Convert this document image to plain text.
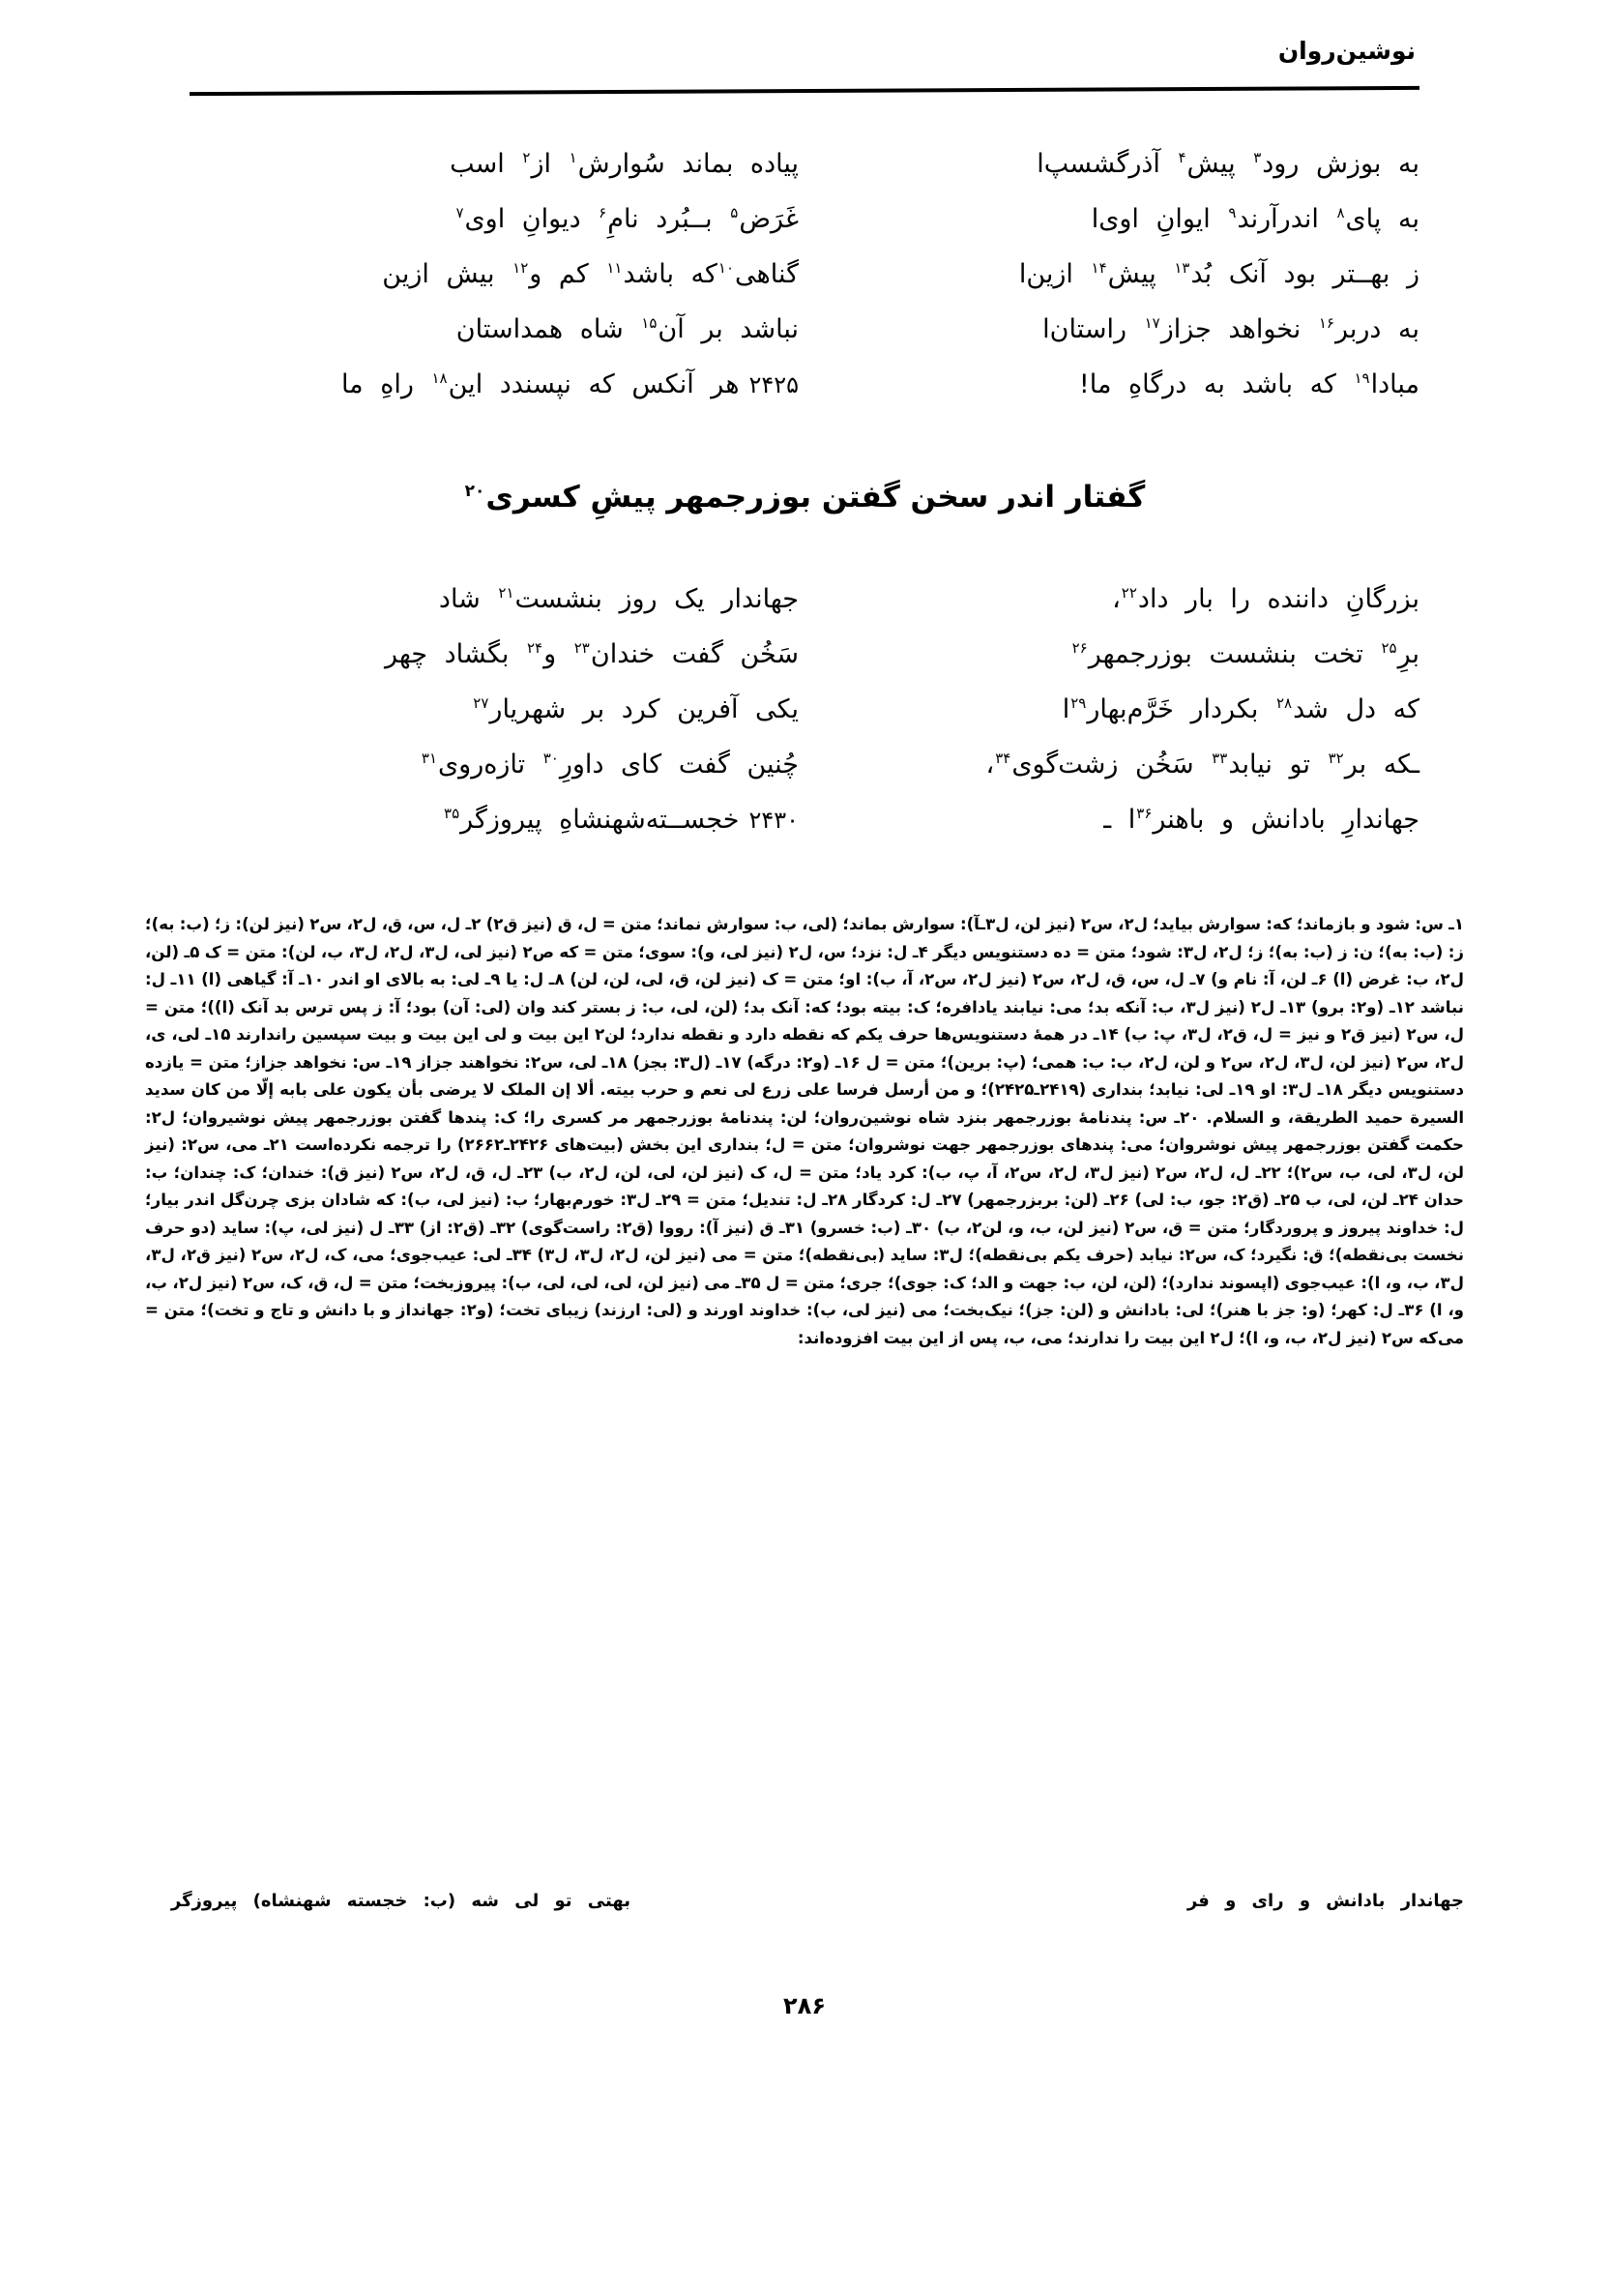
نوشین‌روان
به بوزش رود$^۳$ پیش$^۴$ آذرگشسپ‌ا
پیاده بماند سُوارش$^۱$ از$^۲$ اسب
به پای$^۸$ اندرآرند$^۹$ ایوانِ اوی‌ا
غَرَض$^۵$ بــبُرد نامِ$^۶$ دیوانِ اوی$^۷$
ز بهــتر بود آنک بُد$^{۱۳}$ پیش$^{۱۴}$ ازین‌ا
گناهی$^{۱۰}$که باشد$^{۱۱}$ کم و$^{۱۲}$ بیش ازین
به دربر$^{۱۶}$ نخواهد جزاز$^{۱۷}$ راستان‌ا
نباشد بر آن$^{۱۵}$ شاه همداستان
مبادا$^{۱۹}$ که باشد به درگاهِ ما!
۲۴۲۵هر آنکس که نپسندد این$^{۱۸}$ راهِ ما
گفتار اندر سخن گفتن بوزرجمهر پیشِ کسری$^{۲۰}$
بزرگانِ داننده را بار داد$^{۲۲}$،
جهاندار یک روز بنشست$^{۲۱}$ شاد
برِ$^{۲۵}$ تخت بنشست بوزرجمهر$^{۲۶}$
سَخُن گفت خندان$^{۲۳}$ و$^{۲۴}$ بگشاد چهر
که دل شد$^{۲۸}$ بکردار خَرَّم‌بهار$^{۲۹}$ا
یکی آفرین کرد بر شهریار$^{۲۷}$
ـکه بر$^{۳۲}$ تو نیابد$^{۳۳}$ سَخُن زشت‌گوی$^{۳۴}$،
چُنین گفت کای داورِ$^{۳۰}$ تازه‌روی$^{۳۱}$
جهاندارِ بادانش و باهنر$^{۳۶}$ا ـ
۲۴۳۰خجســته‌شهنشاهِ پیروزگر$^{۳۵}$

۱ـ س: شود و بازماند؛ که: سوارش بیاید؛ ل۲، س۲ (نیز لن، ل۳ـآ): سوارش بماند؛ (لی، ب: سوارش نماند؛ متن = ل، ق (نیز ق۲) ۲ـ ل، س، ق، ل۲، س۲ (نیز لن): ز؛ (ب: به)؛ ز: (ب: به)؛ ن: ز (ب: به)؛ ز؛ ل۲، ل۳: شود؛ متن = ده دستنویس دیگر ۴ـ ل: نزد؛ س، ل۲ (نیز لی، و): سوی؛ متن = که ص۲ (نیز لی، ل۳، ل۲، ل۳، ب، لن): متن = ک ۵ـ (لن، ل۲، ب: غرض (ا) ۶ـ لن، آ: نام و) ۷ـ ل، س، ق، ل۲، س۲ (نیز ل۲، س۲، آ، ب): او؛ متن = ک (نیز لن، ق، لی، لن، لن) ۸ـ ل: یا ۹ـ لی: به بالای او اندر ۱۰ـ آ: گیاهی (ا) ۱۱ـ ل: نباشد ۱۲ـ (و۲: برو) ۱۳ـ ل۲ (نیز ل۳، ب: آنکه بد؛ می: نیابند یادافره؛ ک: بیته بود؛ که: آنک بد؛ (لن، لی، ب: ز بستر کند وان (لی: آن) بود؛ آ: ز پس ترس بد آنک (ا))؛ متن = ل، س۲ (نیز ق۲ و نیز = ل، ق۲، ل۳، پ: ب) ۱۴ـ در همهٔ دستنویس‌ها حرف یکم که نقطه دارد و نقطه ندارد؛ لن۲ این بیت و لی این بیت و بیت سپسین راندارند ۱۵ـ لی، ی، ل۲، س۲ (نیز لن، ل۳، ل۲، س۲ و لن، ل۲، ب: ب: همی؛ (پ: برین)؛ متن = ل ۱۶ـ (و۲: درگه) ۱۷ـ (ل۳: بجز) ۱۸ـ لی، س۲: نخواهند جزاز ۱۹ـ س: نخواهد جزاز؛ متن = یازده دستنویس دیگر ۱۸ـ ل۳: او ۱۹ـ لی: نیابد؛ بنداری (۲۴۱۹ـ۲۴۲۵)؛ و من أرسل فرسا علی زرع لی نعم و حرب بیته. ألا إن الملک لا یرضی بأن یکون علی بابه إلّا من کان سدید السیرة حمید الطریقة، و السلام. ۲۰ـ س: پندنامهٔ بوزرجمهر بنزد شاه نوشین‌روان؛ لن: پندنامهٔ بوزرجمهر مر کسری را؛ ک: پندها گفتن بوزرجمهر پیش نوشیروان؛ ل۲: حکمت گفتن بوزرجمهر پیش نوشروان؛ می: پندهای بوزرجمهر جهت نوشروان؛ متن = ل؛ بنداری این بخش (بیت‌های ۲۴۲۶ـ۲۶۶۲) را ترجمه نکرده‌است ۲۱ـ می، س۲: (نیز لن، ل۳، لی، ب، س۲)؛ ۲۲ـ ل، ل۲، س۲ (نیز ل۳، ل۲، س۲، آ، پ، ب): کرد یاد؛ متن = ل، ک (نیز لن، لی، لن، ل۲، ب) ۲۳ـ ل، ق، ل۲، س۲ (نیز ق): خندان؛ ک: چندان؛ ب: حدان ۲۴ـ لن، لی، ب ۲۵ـ (ق۲: جو، ب: لی) ۲۶ـ (لن: بربزرجمهر) ۲۷ـ ل: کردگار ۲۸ـ ل: تندیل؛ متن = ۲۹ـ ل۳: خورم‌بهار؛ ب: (نیز لی، ب): که شادان بزی چرن‌گل اندر بیار؛ ل: خداوند پیروز و پروردگار؛ متن = ق، س۲ (نیز لن، ب، و، لن۲، ب) ۳۰ـ (ب: خسرو) ۳۱ـ ق (نیز آ): رووا (ق۲: راست‌گوی) ۳۲ـ (ق۲: از) ۳۳ـ ل (نیز لی، پ): ساید (دو حرف نخست بی‌نقطه)؛ ق: نگیرد؛ ک، س۲: نیابد (حرف یکم بی‌نقطه)؛ ل۳: ساید (بی‌نقطه)؛ متن = می (نیز لن، ل۲، ل۳، ل۳) ۳۴ـ لی: عیب‌جوی؛ می، ک، ل۲، س۲ (نیز ق۲، ل۳، ل۳، ب، و، ا): عیب‌جوی (اپسوند ندارد)؛ (لن، لن، ب: جهت و الد؛ ک: جوی)؛ جری؛ متن = ل ۳۵ـ می (نیز لن، لی، لی، لی، ب): پیروزبخت؛ متن = ل، ق، ک، س۲ (نیز ل۲، ب، و، ا) ۳۶ـ ل: کهر؛ (و: جز با هنر)؛ لی: بادانش و (لن: جز)؛ نیک‌بخت؛ می (نیز لی، ب): خداوند اورند و (لی: ارزند) زیبای تخت؛ (و۲: جهانداز و با دانش و تاج و تخت)؛ متن = می‌که س۲ (نیز ل۲، ب، و، ا)؛ ل۲ این بیت را ندارند؛ می، ب، پس از این بیت افزوده‌اند:

جهاندار بادانش و رای و فر
بهتی تو لی شه (ب: خجسته شهنشاه) پیروزگر
۲۸۶
